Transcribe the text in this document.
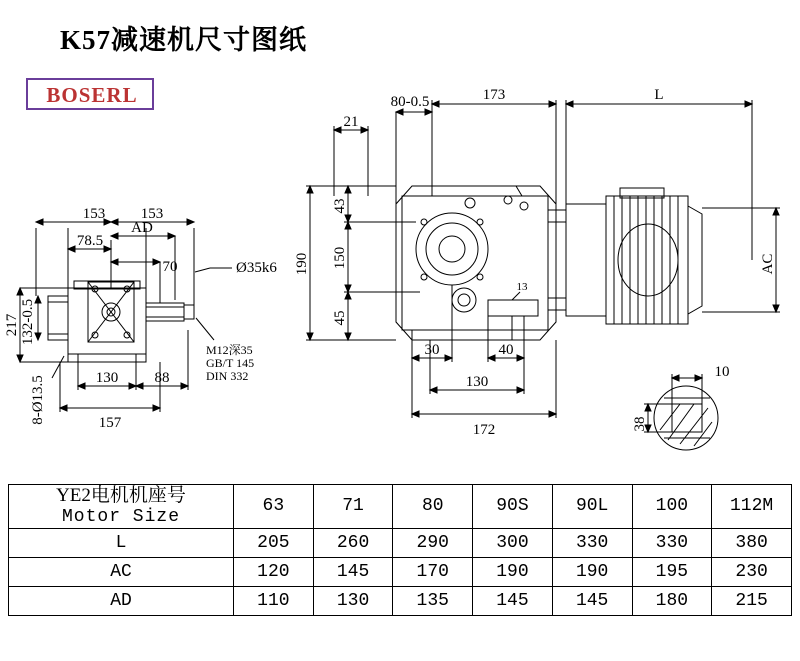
K57减速机尺寸图纸
BOSERL
153 153
78.5
AD
70	Ø35k6
217 132-0.5
130 88
157
8-Ø13.5
M12深35
GB/T 145
DIN 332
80-0.5	173	L
21
43
190 150
45
30	40
130
172
13
AC
10
38
YE2电机机座号
Motor Size	63	71	80	90S	90L	100	112M
L	205	260	290	300	330	330	380
AC	120	145	170	190	190	195	230
AD	110	130	135	145	145	180	215
